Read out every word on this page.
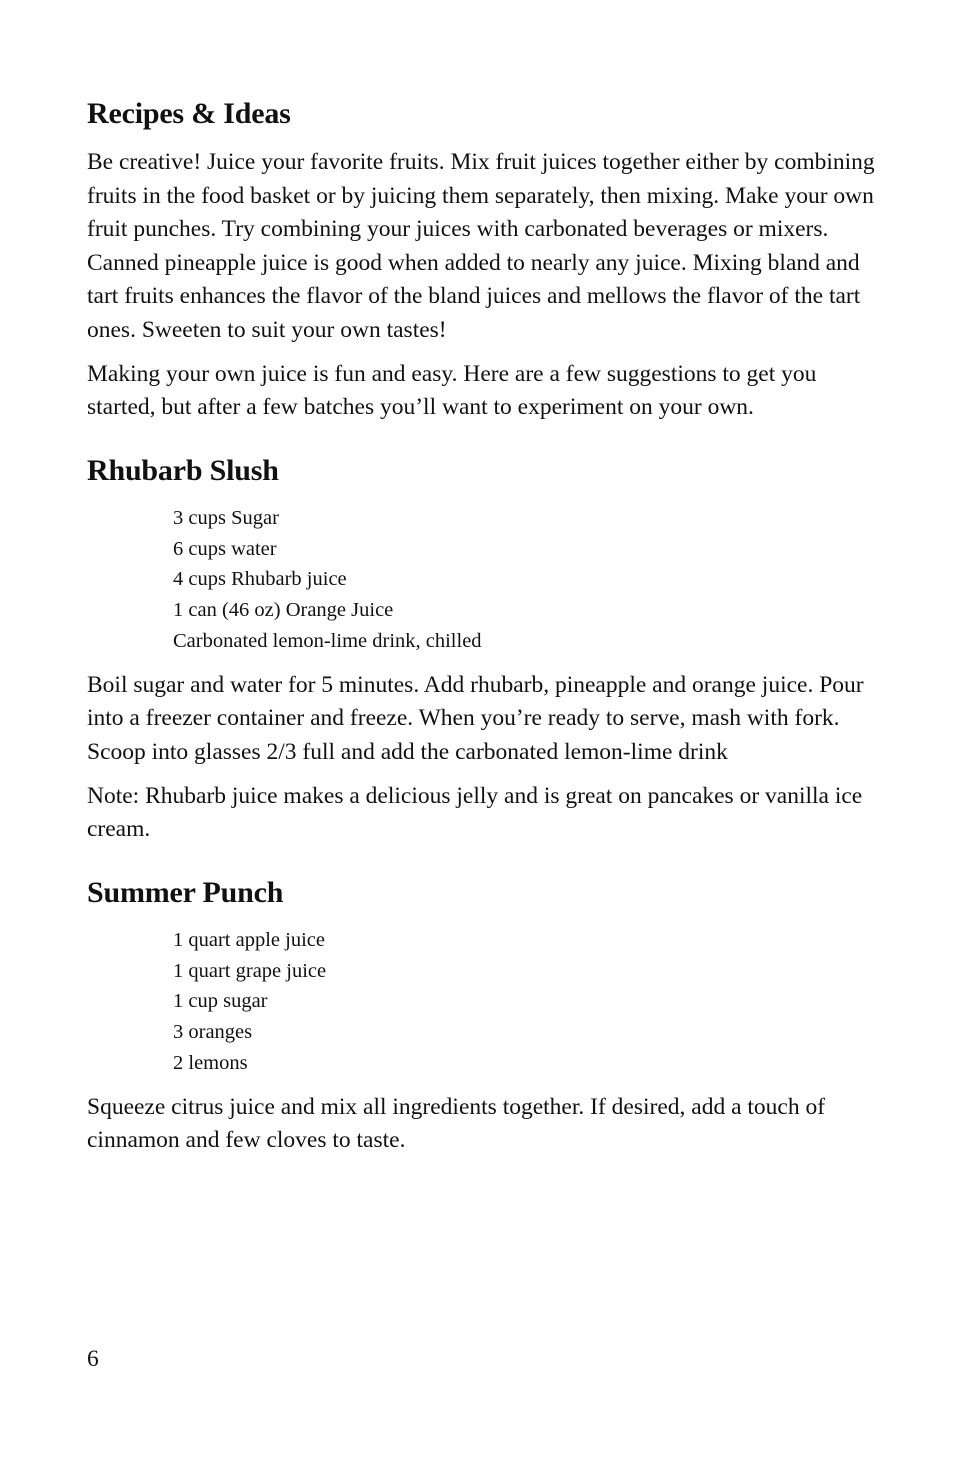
Recipes & Ideas

Be creative! Juice your favorite fruits. Mix fruit juices together either by combining fruits in the food basket or by juicing them separately, then mixing. Make your own fruit punches. Try combining your juices with carbonated beverages or mixers. Canned pineapple juice is good when added to nearly any juice. Mixing bland and tart fruits enhances the flavor of the bland juices and mellows the flavor of the tart ones. Sweeten to suit your own tastes!

Making your own juice is fun and easy. Here are a few suggestions to get you started, but after a few batches you’ll want to experiment on your own.

Rhubarb Slush
3 cups Sugar
6 cups water
4 cups Rhubarb juice
1 can (46 oz) Orange Juice
Carbonated lemon-lime drink, chilled

Boil sugar and water for 5 minutes. Add rhubarb, pineapple and orange juice. Pour into a freezer container and freeze. When you’re ready to serve, mash with fork. Scoop into glasses 2/3 full and add the carbonated lemon-lime drink

Note: Rhubarb juice makes a delicious jelly and is great on pancakes or vanilla ice cream.

Summer Punch
1 quart apple juice
1 quart grape juice
1 cup sugar
3 oranges
2 lemons

Squeeze citrus juice and mix all ingredients together. If desired, add a touch of cinnamon and few cloves to taste.

6
